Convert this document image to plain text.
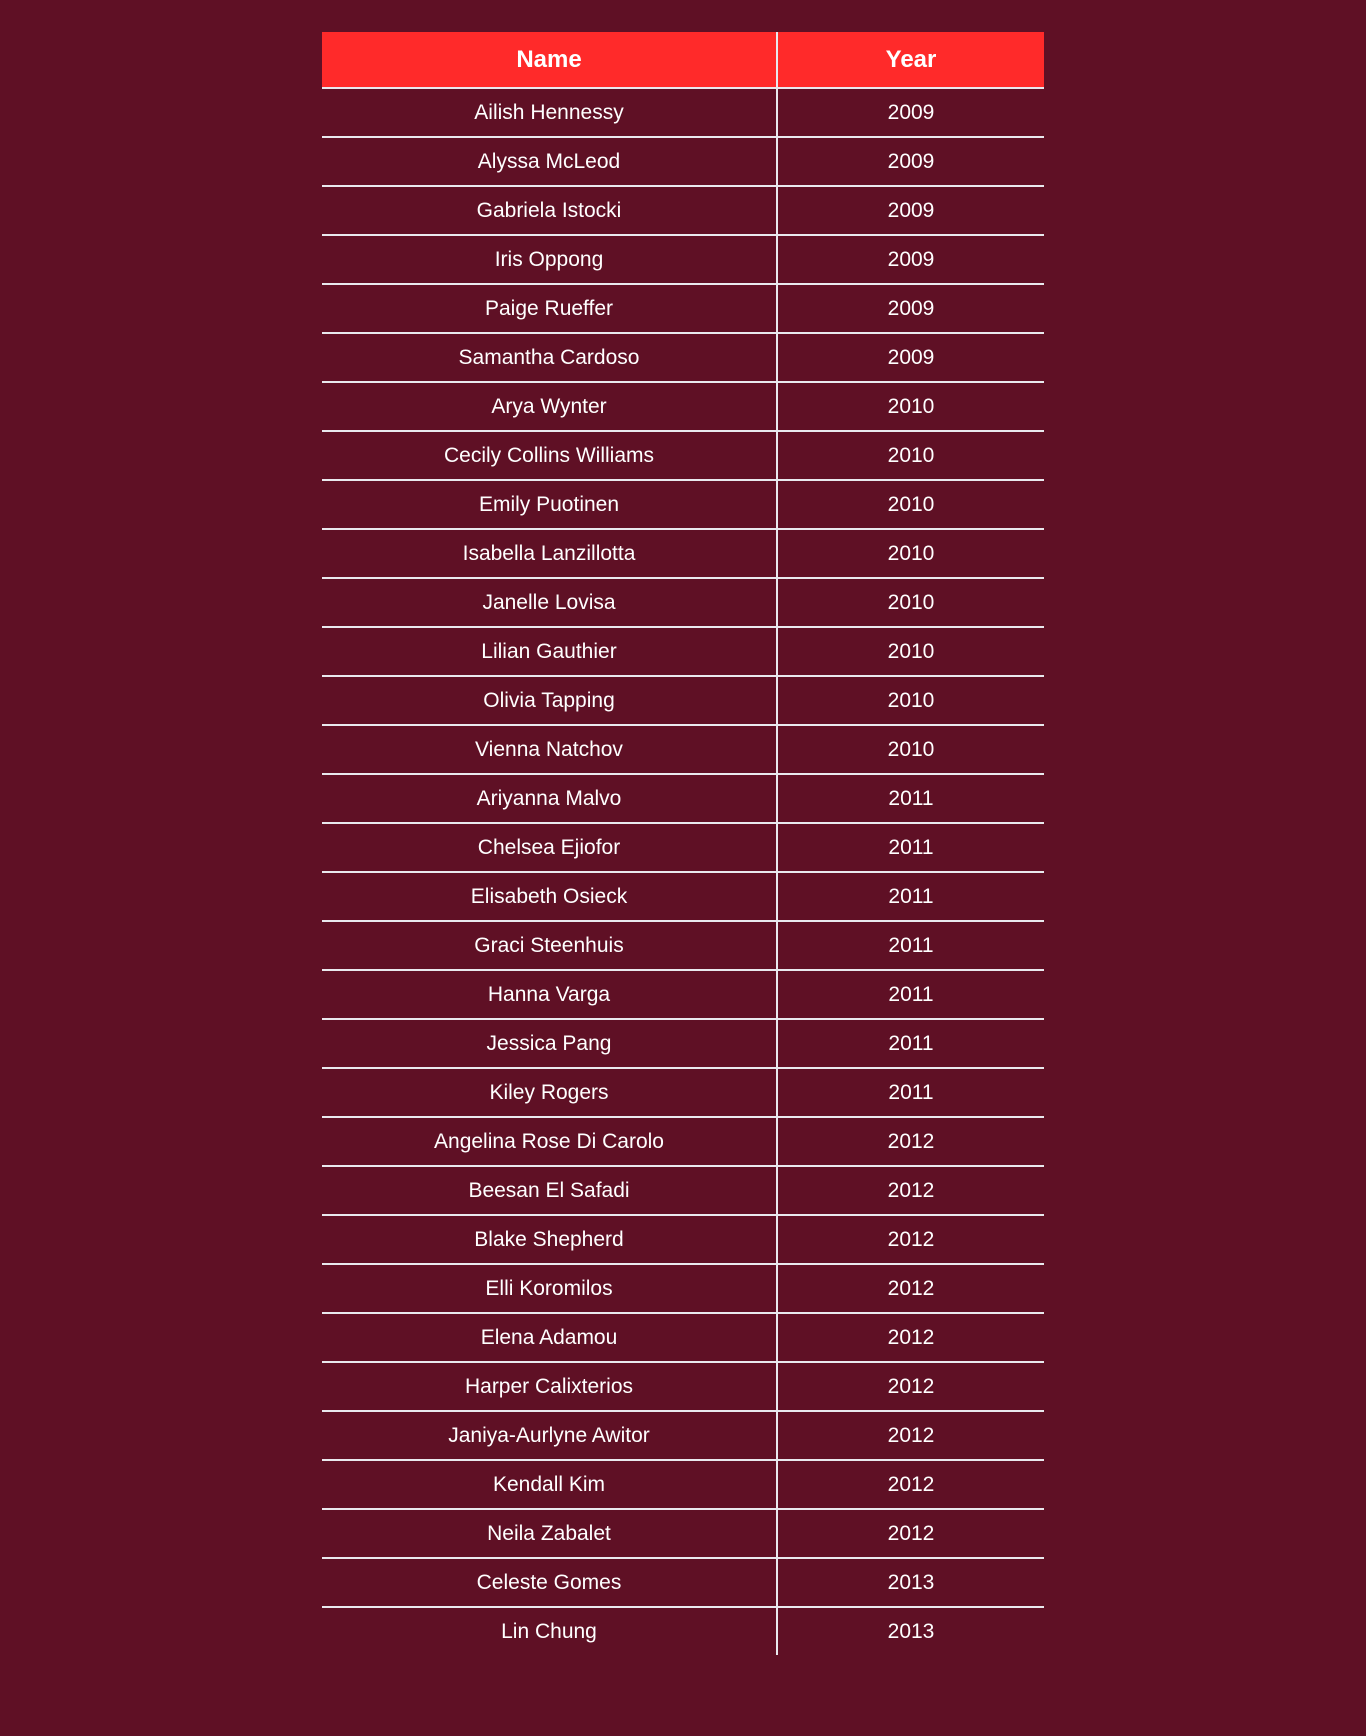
Name	Year
Ailish Hennessy	2009
Alyssa McLeod	2009
Gabriela Istocki	2009
Iris Oppong	2009
Paige Rueffer	2009
Samantha Cardoso	2009
Arya Wynter	2010
Cecily Collins Williams	2010
Emily Puotinen	2010
Isabella Lanzillotta	2010
Janelle Lovisa	2010
Lilian Gauthier	2010
Olivia Tapping	2010
Vienna Natchov	2010
Ariyanna Malvo	2011
Chelsea Ejiofor	2011
Elisabeth Osieck	2011
Graci Steenhuis	2011
Hanna Varga	2011
Jessica Pang	2011
Kiley Rogers	2011
Angelina Rose Di Carolo	2012
Beesan El Safadi	2012
Blake Shepherd	2012
Elli Koromilos	2012
Elena Adamou	2012
Harper Calixterios	2012
Janiya-Aurlyne Awitor	2012
Kendall Kim	2012
Neila Zabalet	2012
Celeste Gomes	2013
Lin Chung	2013
